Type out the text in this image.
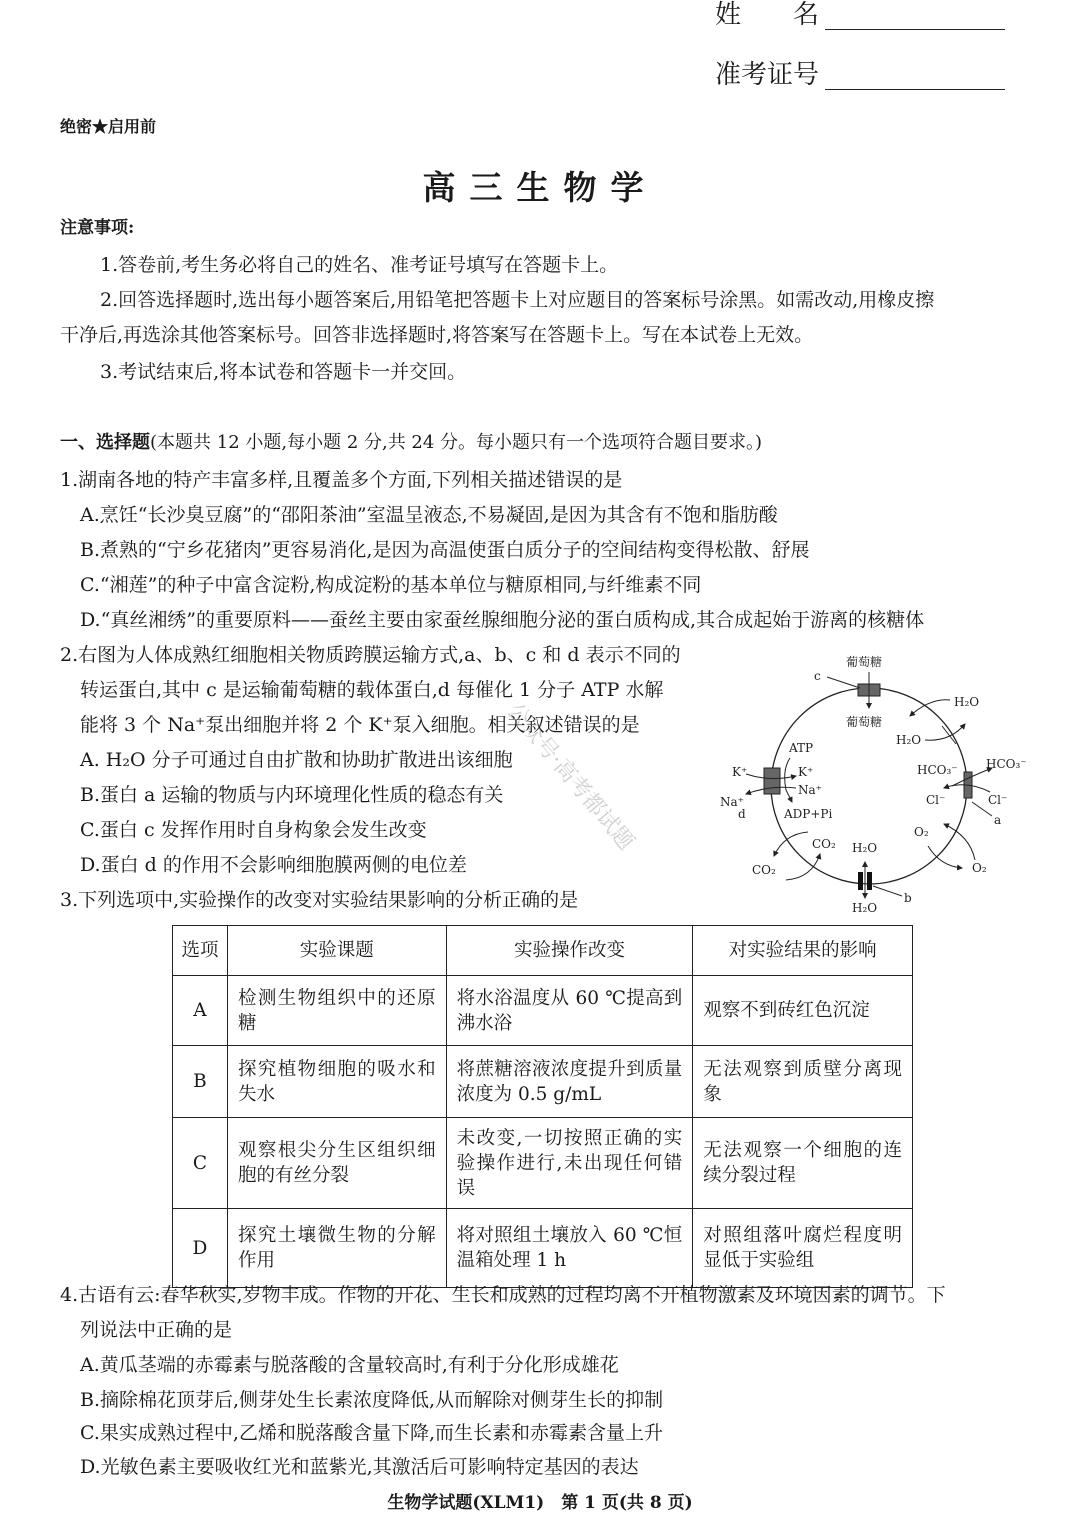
姓　　名
准考证号
绝密★启用前
高三生物学
注意事项:
1.答卷前,考生务必将自己的姓名、准考证号填写在答题卡上。
2.回答选择题时,选出每小题答案后,用铅笔把答题卡上对应题目的答案标号涂黑。如需改动,用橡皮擦
干净后,再选涂其他答案标号。回答非选择题时,将答案写在答题卡上。写在本试卷上无效。
3.考试结束后,将本试卷和答题卡一并交回。
一、选择题(本题共 12 小题,每小题 2 分,共 24 分。每小题只有一个选项符合题目要求。)
1.湖南各地的特产丰富多样,且覆盖多个方面,下列相关描述错误的是
A.烹饪“长沙臭豆腐”的“邵阳茶油”室温呈液态,不易凝固,是因为其含有不饱和脂肪酸
B.煮熟的“宁乡花猪肉”更容易消化,是因为高温使蛋白质分子的空间结构变得松散、舒展
C.“湘莲”的种子中富含淀粉,构成淀粉的基本单位与糖原相同,与纤维素不同
D.“真丝湘绣”的重要原料——蚕丝主要由家蚕丝腺细胞分泌的蛋白质构成,其合成起始于游离的核糖体
2.右图为人体成熟红细胞相关物质跨膜运输方式,a、b、c 和 d 表示不同的
转运蛋白,其中 c 是运输葡萄糖的载体蛋白,d 每催化 1 分子 ATP 水解
能将 3 个 Na⁺泵出细胞并将 2 个 K⁺泵入细胞。相关叙述错误的是
A. H₂O 分子可通过自由扩散和协助扩散进出该细胞
B.蛋白 a 运输的物质与内环境理化性质的稳态有关
C.蛋白 c 发挥作用时自身构象会发生改变
D.蛋白 d 的作用不会影响细胞膜两侧的电位差
公众号·高考都试题
c
葡萄糖
葡萄糖
H₂O
H₂O
ATP
K⁺	K⁺
Na⁺
Na⁺
d	ADP+Pi
HCO₃⁻ HCO₃⁻
Cl⁻	Cl⁻
a
O₂
O₂
CO₂
CO₂
b
H₂O
H₂O
3.下列选项中,实验操作的改变对实验结果影响的分析正确的是
选项	实验课题	实验操作改变	对实验结果的影响
A	检测生物组织中的还原糖	将水浴温度从 60 ℃提高到沸水浴	观察不到砖红色沉淀
B	探究植物细胞的吸水和失水	将蔗糖溶液浓度提升到质量浓度为 0.5 g/mL	无法观察到质壁分离现象
C	观察根尖分生区组织细胞的有丝分裂	未改变,一切按照正确的实验操作进行,未出现任何错误	无法观察一个细胞的连续分裂过程
D	探究土壤微生物的分解作用	将对照组土壤放入 60 ℃恒温箱处理 1 h	对照组落叶腐烂程度明显低于实验组
4.古语有云:春华秋实,岁物丰成。作物的开花、生长和成熟的过程均离不开植物激素及环境因素的调节。下
列说法中正确的是
A.黄瓜茎端的赤霉素与脱落酸的含量较高时,有利于分化形成雄花
B.摘除棉花顶芽后,侧芽处生长素浓度降低,从而解除对侧芽生长的抑制
C.果实成熟过程中,乙烯和脱落酸含量下降,而生长素和赤霉素含量上升
D.光敏色素主要吸收红光和蓝紫光,其激活后可影响特定基因的表达
生物学试题(XLM1)　第 1 页(共 8 页)
